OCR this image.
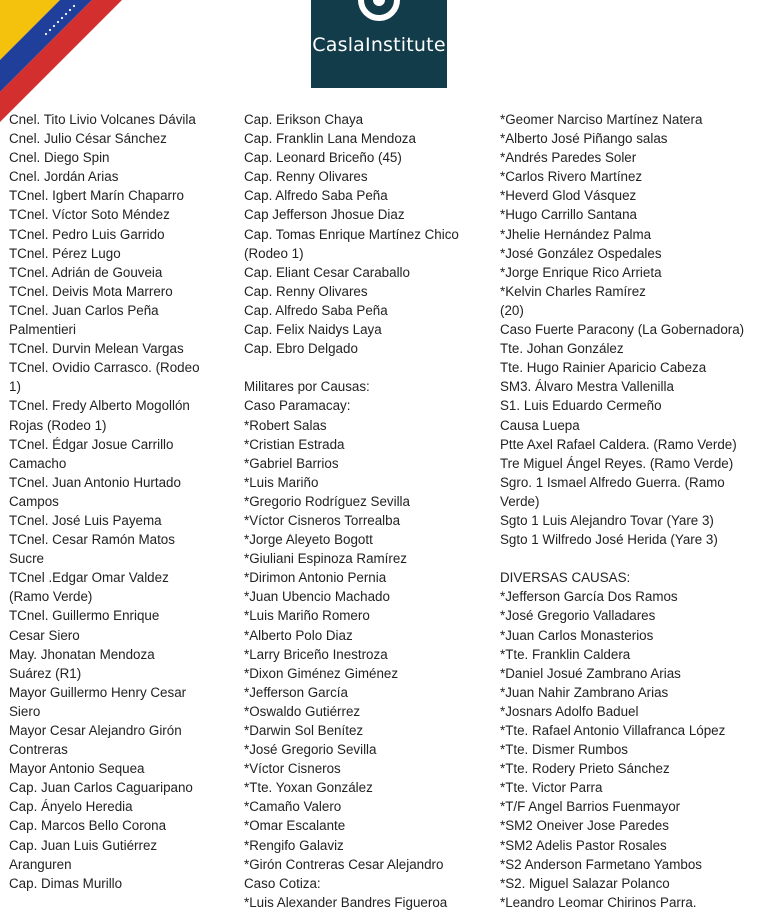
CaslaInstitute
Cnel. Tito Livio Volcanes Dávila
Cnel. Julio César Sánchez
Cnel. Diego Spin
Cnel. Jordán Arias
TCnel. Igbert Marín Chaparro
TCnel. Víctor Soto Méndez
TCnel. Pedro Luis Garrido
TCnel. Pérez Lugo
TCnel. Adrián de Gouveia
TCnel. Deivis Mota Marrero
TCnel. Juan Carlos Peña
Palmentieri
TCnel. Durvin Melean Vargas
TCnel. Ovidio Carrasco. (Rodeo
1)
TCnel. Fredy Alberto Mogollón
Rojas (Rodeo 1)
TCnel. Édgar Josue Carrillo
Camacho
TCnel. Juan Antonio Hurtado
Campos
TCnel. José Luis Payema
TCnel. Cesar Ramón Matos
Sucre
TCnel .Edgar Omar Valdez
(Ramo Verde)
TCnel. Guillermo Enrique
Cesar Siero
May. Jhonatan Mendoza
Suárez (R1)
Mayor Guillermo Henry Cesar
Siero
Mayor Cesar Alejandro Girón
Contreras
Mayor Antonio Sequea
Cap. Juan Carlos Caguaripano
Cap. Ányelo Heredia
Cap. Marcos Bello Corona
Cap. Juan Luis Gutiérrez
Aranguren
Cap. Dimas Murillo
Cap. Erikson Chaya
Cap. Franklin Lana Mendoza
Cap. Leonard Briceño (45)
Cap. Renny Olivares
Cap. Alfredo Saba Peña
Cap Jefferson Jhosue Diaz
Cap. Tomas Enrique Martínez Chico
(Rodeo 1)
Cap. Eliant Cesar Caraballo
Cap. Renny Olivares
Cap. Alfredo Saba Peña
Cap. Felix Naidys Laya
Cap. Ebro Delgado
Militares por Causas:
Caso Paramacay:
*Robert Salas
*Cristian Estrada
*Gabriel Barrios
*Luis Mariño
*Gregorio Rodríguez Sevilla
*Víctor Cisneros Torrealba
*Jorge Aleyeto Bogott
*Giuliani Espinoza Ramírez
*Dirimon Antonio Pernia
*Juan Ubencio Machado
*Luis Mariño Romero
*Alberto Polo Diaz
*Larry Briceño Inestroza
*Dixon Giménez Giménez
*Jefferson García
*Oswaldo Gutiérrez
*Darwin Sol Benítez
*José Gregorio Sevilla
*Víctor Cisneros
*Tte. Yoxan González
*Camaño Valero
*Omar Escalante
*Rengifo Galaviz
*Girón Contreras Cesar Alejandro
Caso Cotiza:
*Luis Alexander Bandres Figueroa
*Geomer Narciso Martínez Natera
*Alberto José Piñango salas
*Andrés Paredes Soler
*Carlos Rivero Martínez
*Heverd Glod Vásquez
*Hugo Carrillo Santana
*Jhelie Hernández Palma
*José González Ospedales
*Jorge Enrique Rico Arrieta
*Kelvin Charles Ramírez
(20)
Caso Fuerte Paracony (La Gobernadora)
Tte. Johan González
Tte. Hugo Rainier Aparicio Cabeza
SM3. Álvaro Mestra Vallenilla
S1. Luis Eduardo Cermeño
Causa Luepa
Ptte Axel Rafael Caldera. (Ramo Verde)
Tre Miguel Ángel Reyes. (Ramo Verde)
Sgro. 1 Ismael Alfredo Guerra. (Ramo
Verde)
Sgto 1 Luis Alejandro Tovar (Yare 3)
Sgto 1 Wilfredo José Herida (Yare 3)
DIVERSAS CAUSAS:
*Jefferson García Dos Ramos
*José Gregorio Valladares
*Juan Carlos Monasterios
*Tte. Franklin Caldera
*Daniel Josué Zambrano Arias
*Juan Nahir Zambrano Arias
*Josnars Adolfo Baduel
*Tte. Rafael Antonio Villafranca López
*Tte. Dismer Rumbos
*Tte. Rodery Prieto Sánchez
*Tte. Victor Parra
*T/F Angel Barrios Fuenmayor
*SM2 Oneiver Jose Paredes
*SM2 Adelis Pastor Rosales
*S2 Anderson Farmetano Yambos
*S2. Miguel Salazar Polanco
*Leandro Leomar Chirinos Parra.
